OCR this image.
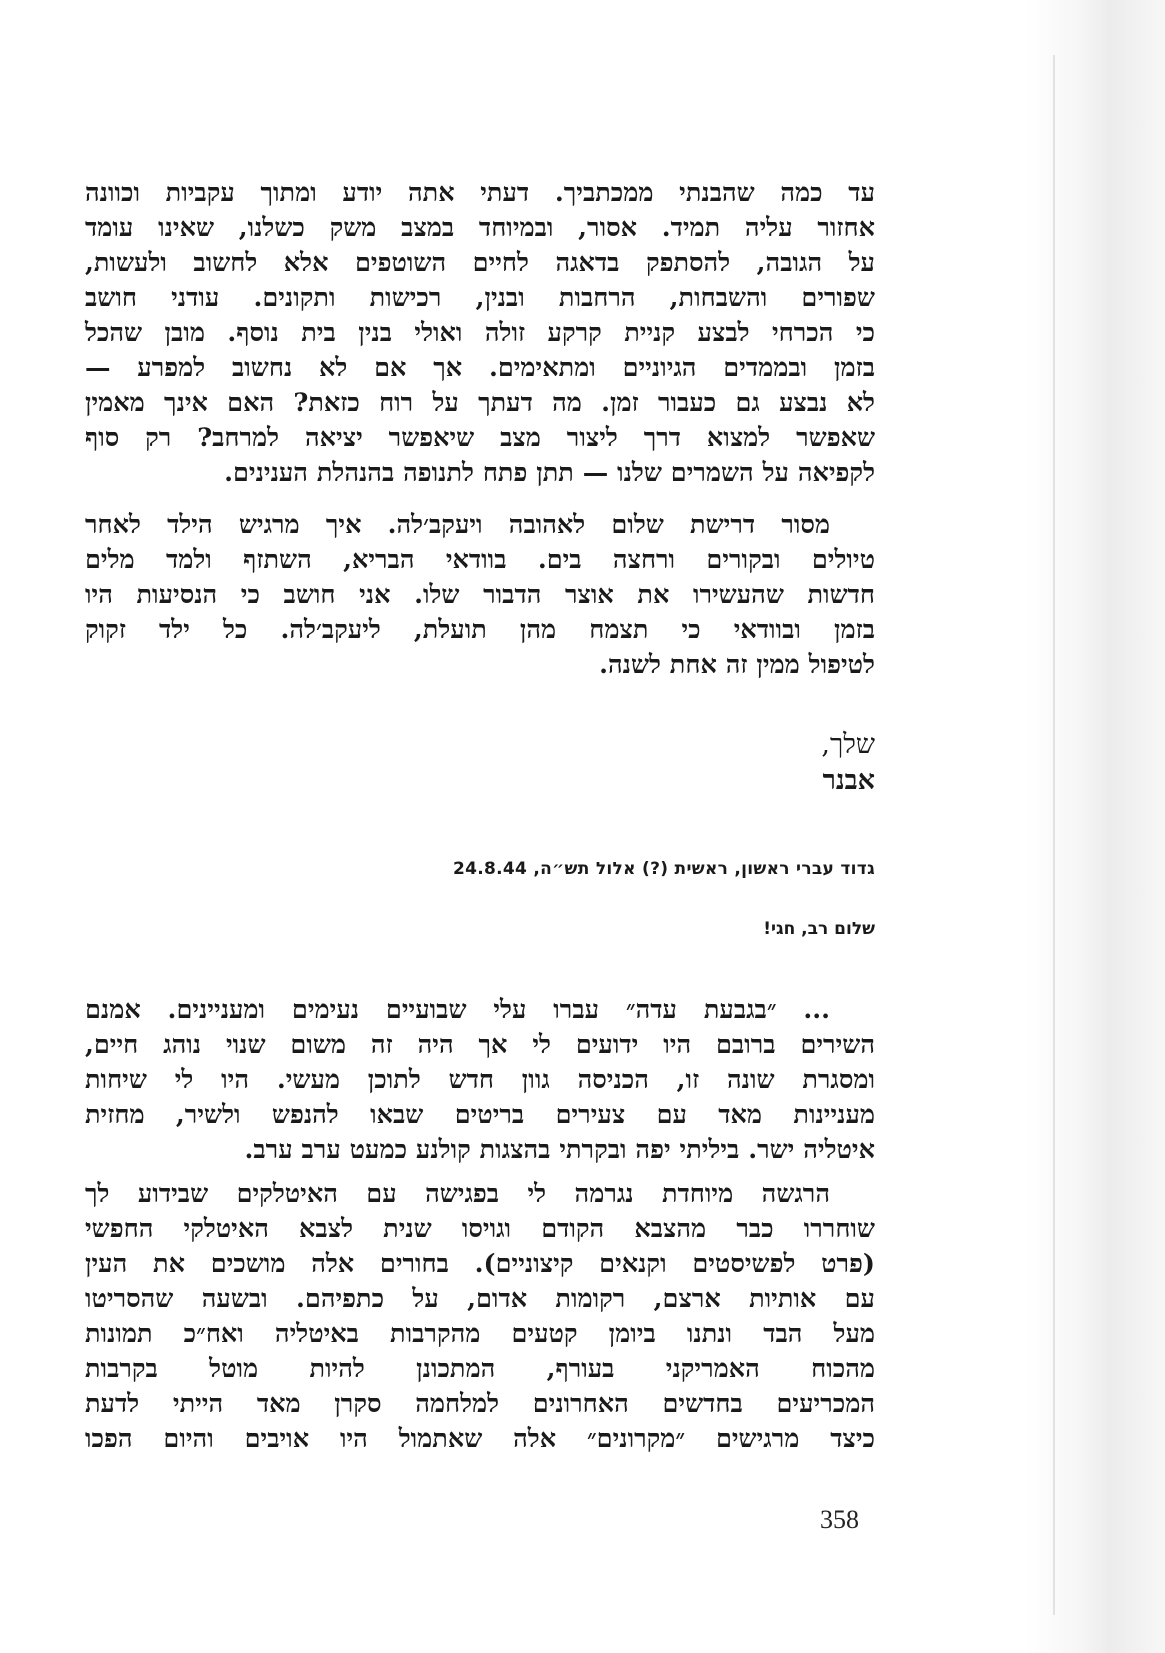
עד כמה שהבנתי ממכתביך. דעתי אתה יודע ומתוך עקביות וכוונה
אחזור עליה תמיד. אסור, ובמיוחד במצב משק כשלנו, שאינו עומד
על הגובה, להסתפק בדאגה לחיים השוטפים אלא לחשוב ולעשות,
שפורים והשבחות, הרחבות ובנין, רכישות ותקונים. עודני חושב
כי הכרחי לבצע קניית קרקע זולה ואולי בנין בית נוסף. מובן שהכל
בזמן ובממדים הגיוניים ומתאימים. אך אם לא נחשוב למפרע —
לא נבצע גם כעבור זמן. מה דעתך על רוח כזאת? האם אינך מאמין
שאפשר למצוא דרך ליצור מצב שיאפשר יציאה למרחב? רק סוף
לקפיאה על השמרים שלנו — תתן פתח לתנופה בהנהלת הענינים.
מסור דרישת שלום לאהובה ויעקב׳לה. איך מרגיש הילד לאחר
טיולים ובקורים ורחצה בים. בוודאי הבריא, השתזף ולמד מלים
חדשות שהעשירו את אוצר הדבור שלו. אני חושב כי הנסיעות היו
בזמן ובוודאי כי תצמח מהן תועלת, ליעקב׳לה. כל ילד זקוק
לטיפול ממין זה אחת לשנה.
שלך,
אבנר
גדוד עברי ראשון, ראשית (?) אלול תש״ה, 24.8.44
שלום רב, חגי!
... ״בגבעת עדה״ עברו עלי שבועיים נעימים ומעניינים. אמנם
השירים ברובם היו ידועים לי אך היה זה משום שנוי נוהג חיים,
ומסגרת שונה זו, הכניסה גוון חדש לתוכן מעשי. היו לי שיחות
מעניינות מאד עם צעירים בריטים שבאו להנפש ולשיר, מחזית
איטליה ישר. ביליתי יפה ובקרתי בהצגות קולנע כמעט ערב ערב.
הרגשה מיוחדת נגרמה לי בפגישה עם האיטלקים שבידוע לך
שוחררו כבר מהצבא הקודם וגויסו שנית לצבא האיטלקי החפשי
(פרט לפשיסטים וקנאים קיצוניים). בחורים אלה מושכים את העין
עם אותיות ארצם, רקומות אדום, על כתפיהם. ובשעה שהסריטו
מעל הבד ונתנו ביומן קטעים מהקרבות באיטליה ואח״כ תמונות
מהכוח האמריקני בעורף, המתכונן להיות מוטל בקרבות
המכריעים בחדשים האחרונים למלחמה סקרן מאד הייתי לדעת
כיצד מרגישים ״מקרונים״ אלה שאתמול היו אויבים והיום הפכו
358
